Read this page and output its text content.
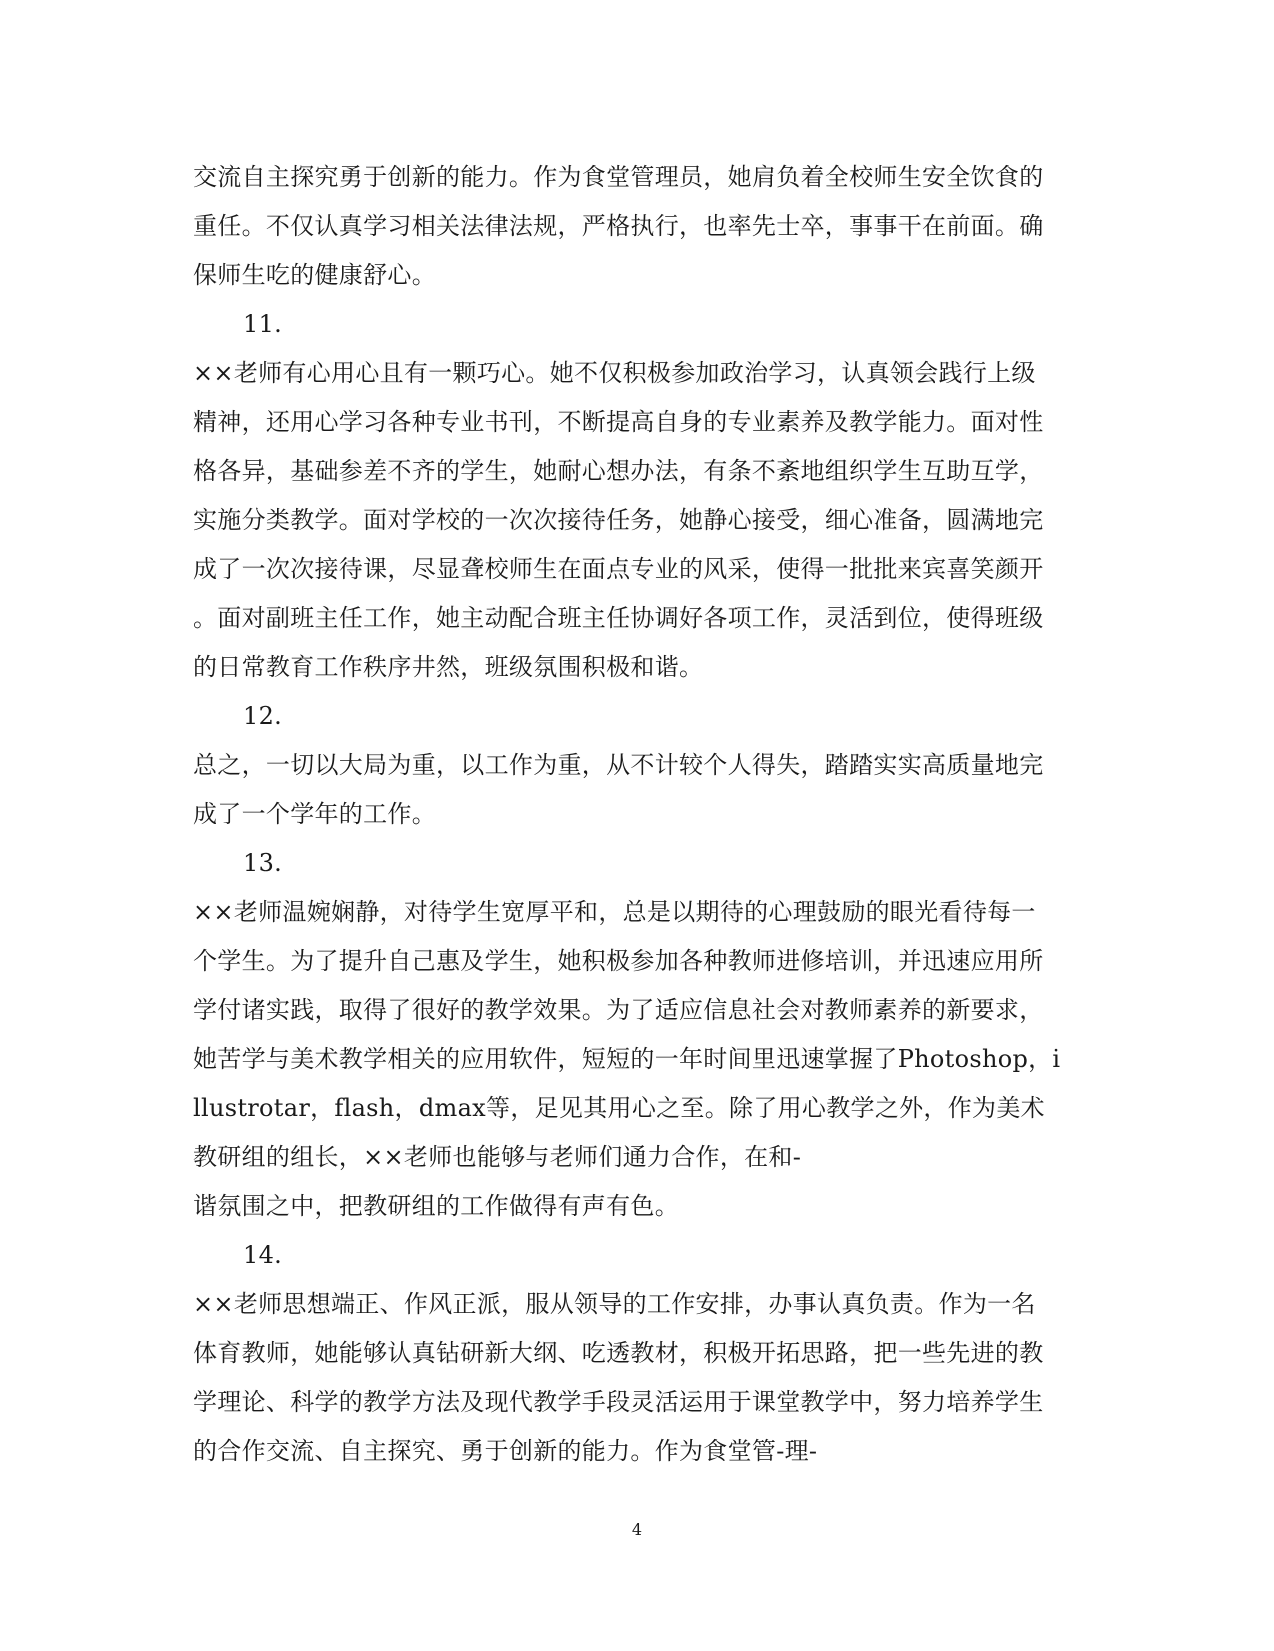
交流自主探究勇于创新的能力。作为食堂管理员，她肩负着全校师生安全饮食的
重任。不仅认真学习相关法律法规，严格执行，也率先士卒，事事干在前面。确
保师生吃的健康舒心。
11.
××老师有心用心且有一颗巧心。她不仅积极参加政治学习，认真领会践行上级
精神，还用心学习各种专业书刊，不断提高自身的专业素养及教学能力。面对性
格各异，基础参差不齐的学生，她耐心想办法，有条不紊地组织学生互助互学，
实施分类教学。面对学校的一次次接待任务，她静心接受，细心准备，圆满地完
成了一次次接待课，尽显聋校师生在面点专业的风采，使得一批批来宾喜笑颜开
。面对副班主任工作，她主动配合班主任协调好各项工作，灵活到位，使得班级
的日常教育工作秩序井然，班级氛围积极和谐。
12.
总之，一切以大局为重，以工作为重，从不计较个人得失，踏踏实实高质量地完
成了一个学年的工作。
13.
××老师温婉娴静，对待学生宽厚平和，总是以期待的心理鼓励的眼光看待每一
个学生。为了提升自己惠及学生，她积极参加各种教师进修培训，并迅速应用所
学付诸实践，取得了很好的教学效果。为了适应信息社会对教师素养的新要求，
她苦学与美术教学相关的应用软件，短短的一年时间里迅速掌握了Photoshop，i
llustrotar，flash，dmax等，足见其用心之至。除了用心教学之外，作为美术
教研组的组长，××老师也能够与老师们通力合作，在和-
谐氛围之中，把教研组的工作做得有声有色。
14.
××老师思想端正、作风正派，服从领导的工作安排，办事认真负责。作为一名
体育教师，她能够认真钻研新大纲、吃透教材，积极开拓思路，把一些先进的教
学理论、科学的教学方法及现代教学手段灵活运用于课堂教学中，努力培养学生
的合作交流、自主探究、勇于创新的能力。作为食堂管-理-
4
